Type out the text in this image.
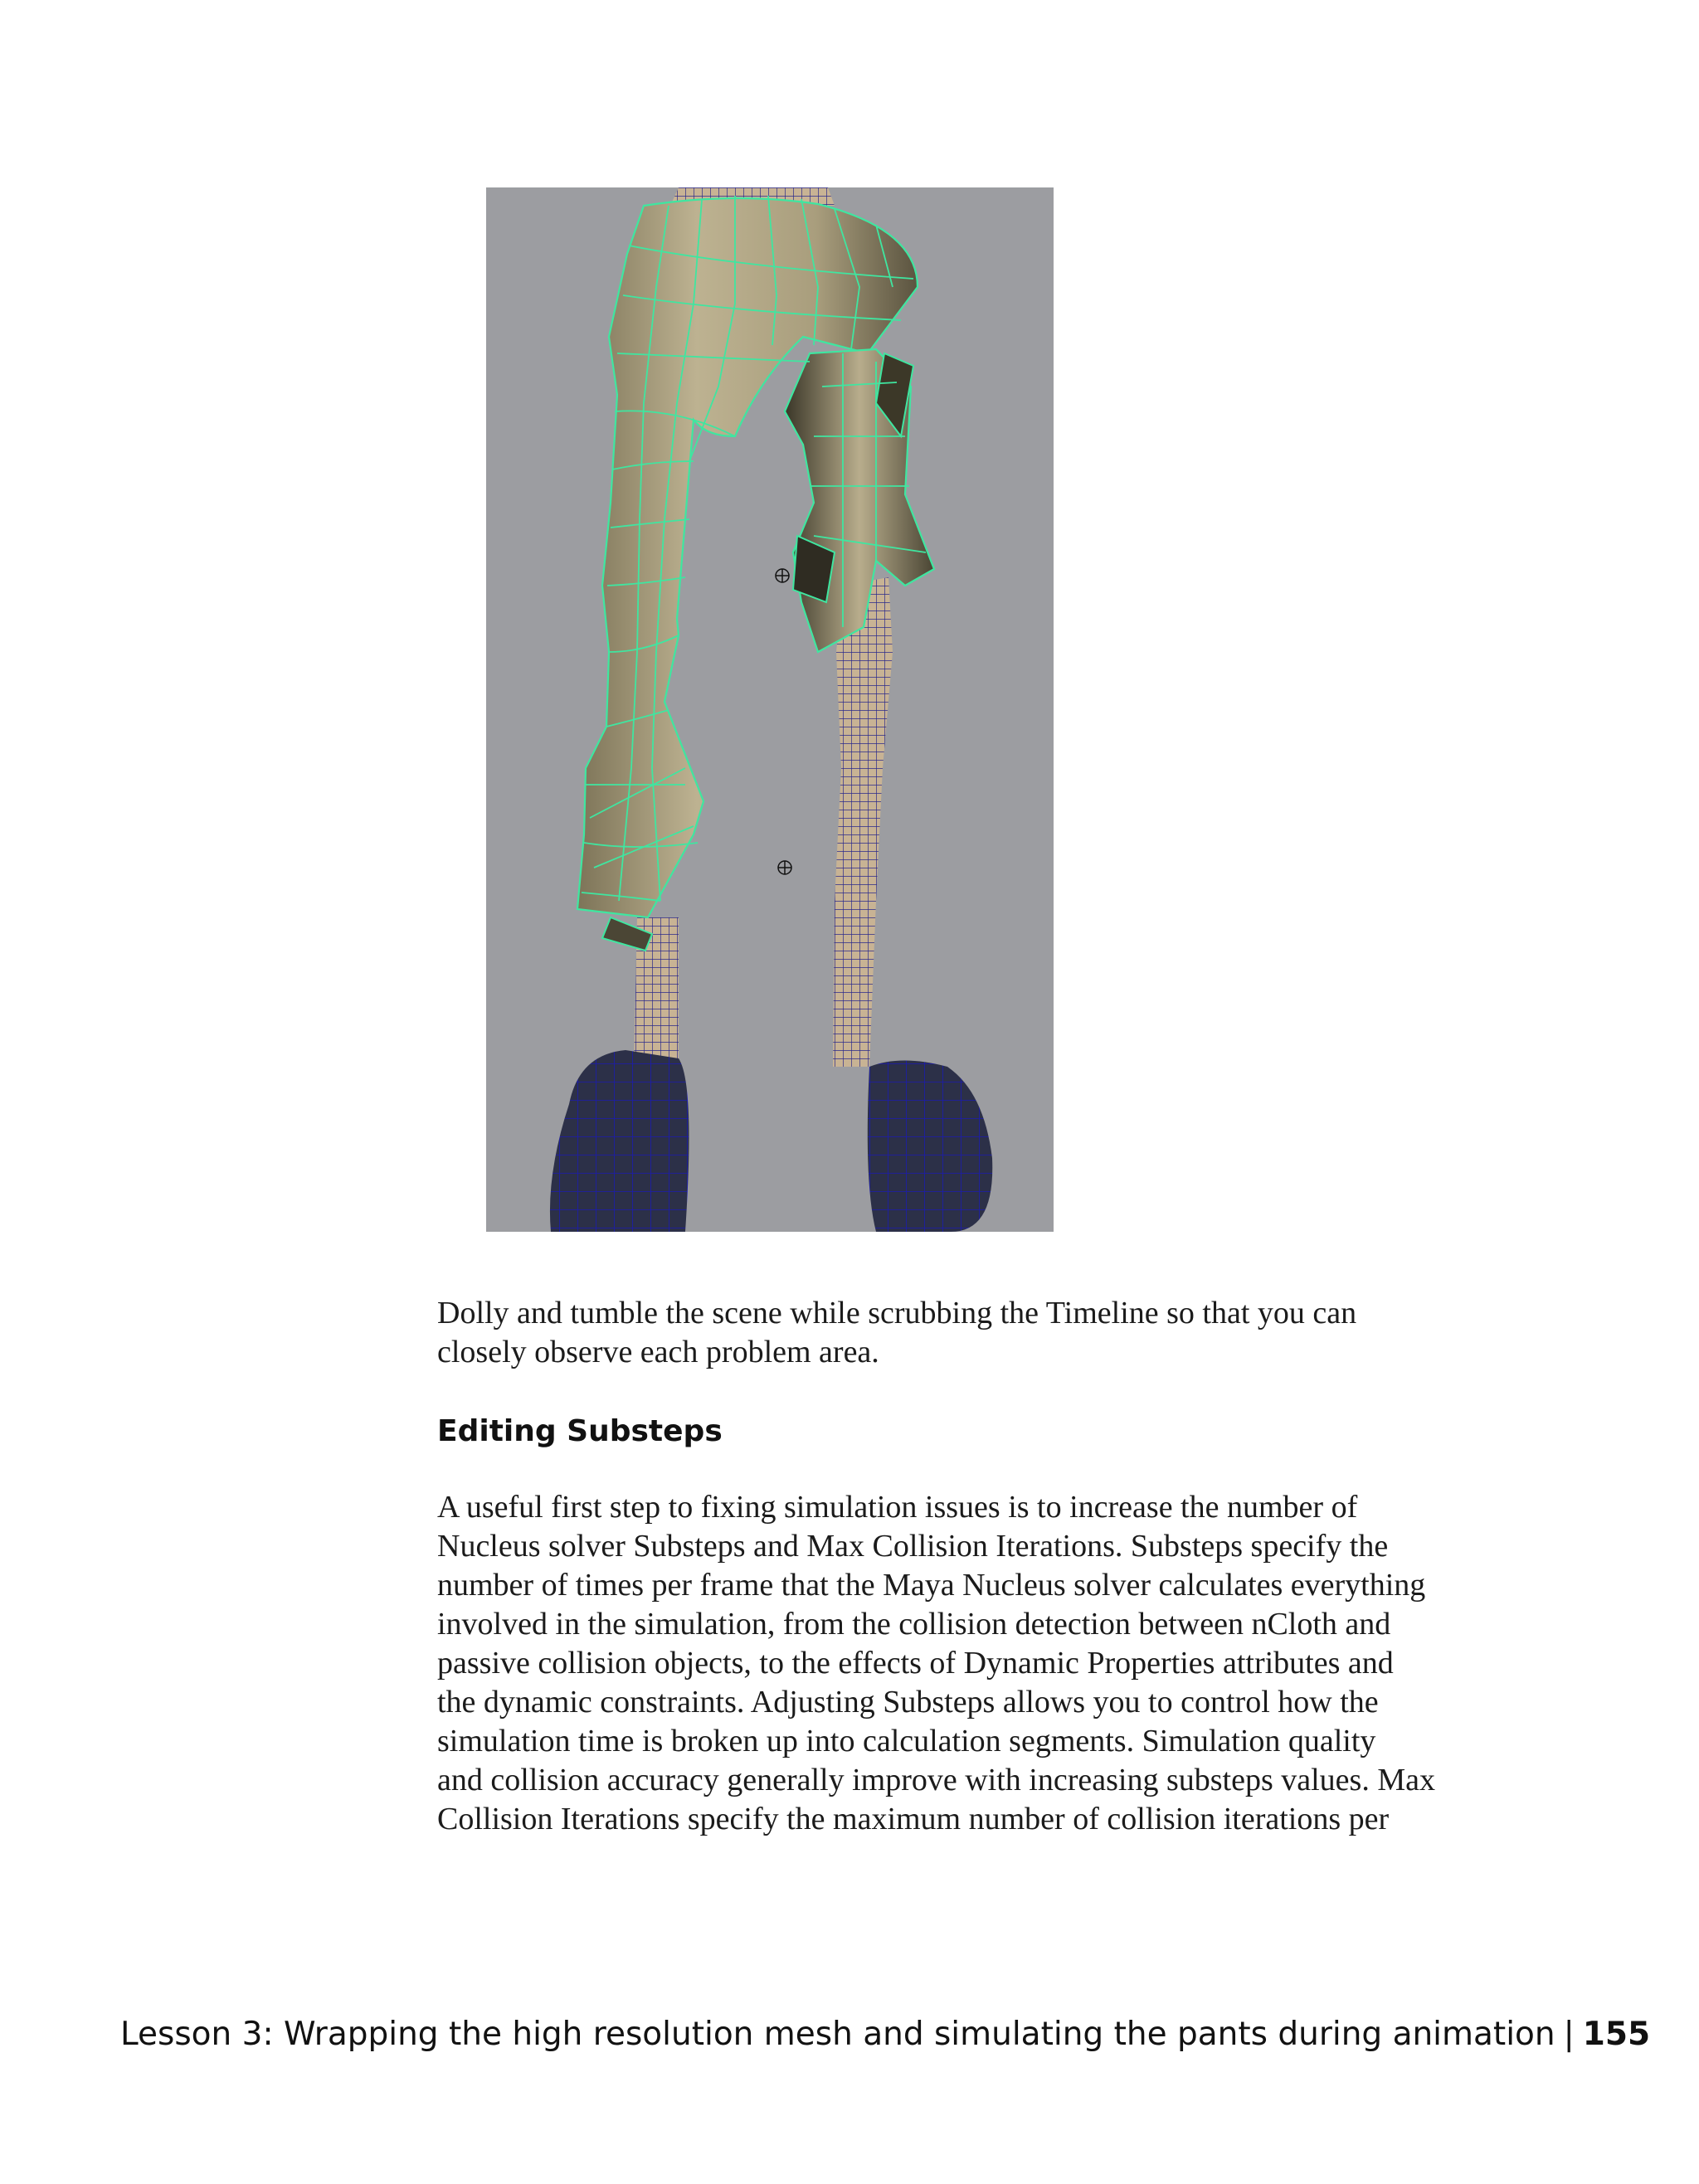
Dolly and tumble the scene while scrubbing the Timeline so that you can
closely observe each problem area.

Editing Substeps

A useful first step to fixing simulation issues is to increase the number of
Nucleus solver Substeps and Max Collision Iterations. Substeps specify the
number of times per frame that the Maya Nucleus solver calculates everything
involved in the simulation, from the collision detection between nCloth and
passive collision objects, to the effects of Dynamic Properties attributes and
the dynamic constraints. Adjusting Substeps allows you to control how the
simulation time is broken up into calculation segments. Simulation quality
and collision accuracy generally improve with increasing substeps values. Max
Collision Iterations specify the maximum number of collision iterations per

Lesson 3: Wrapping the high resolution mesh and simulating the pants during animation | 155
